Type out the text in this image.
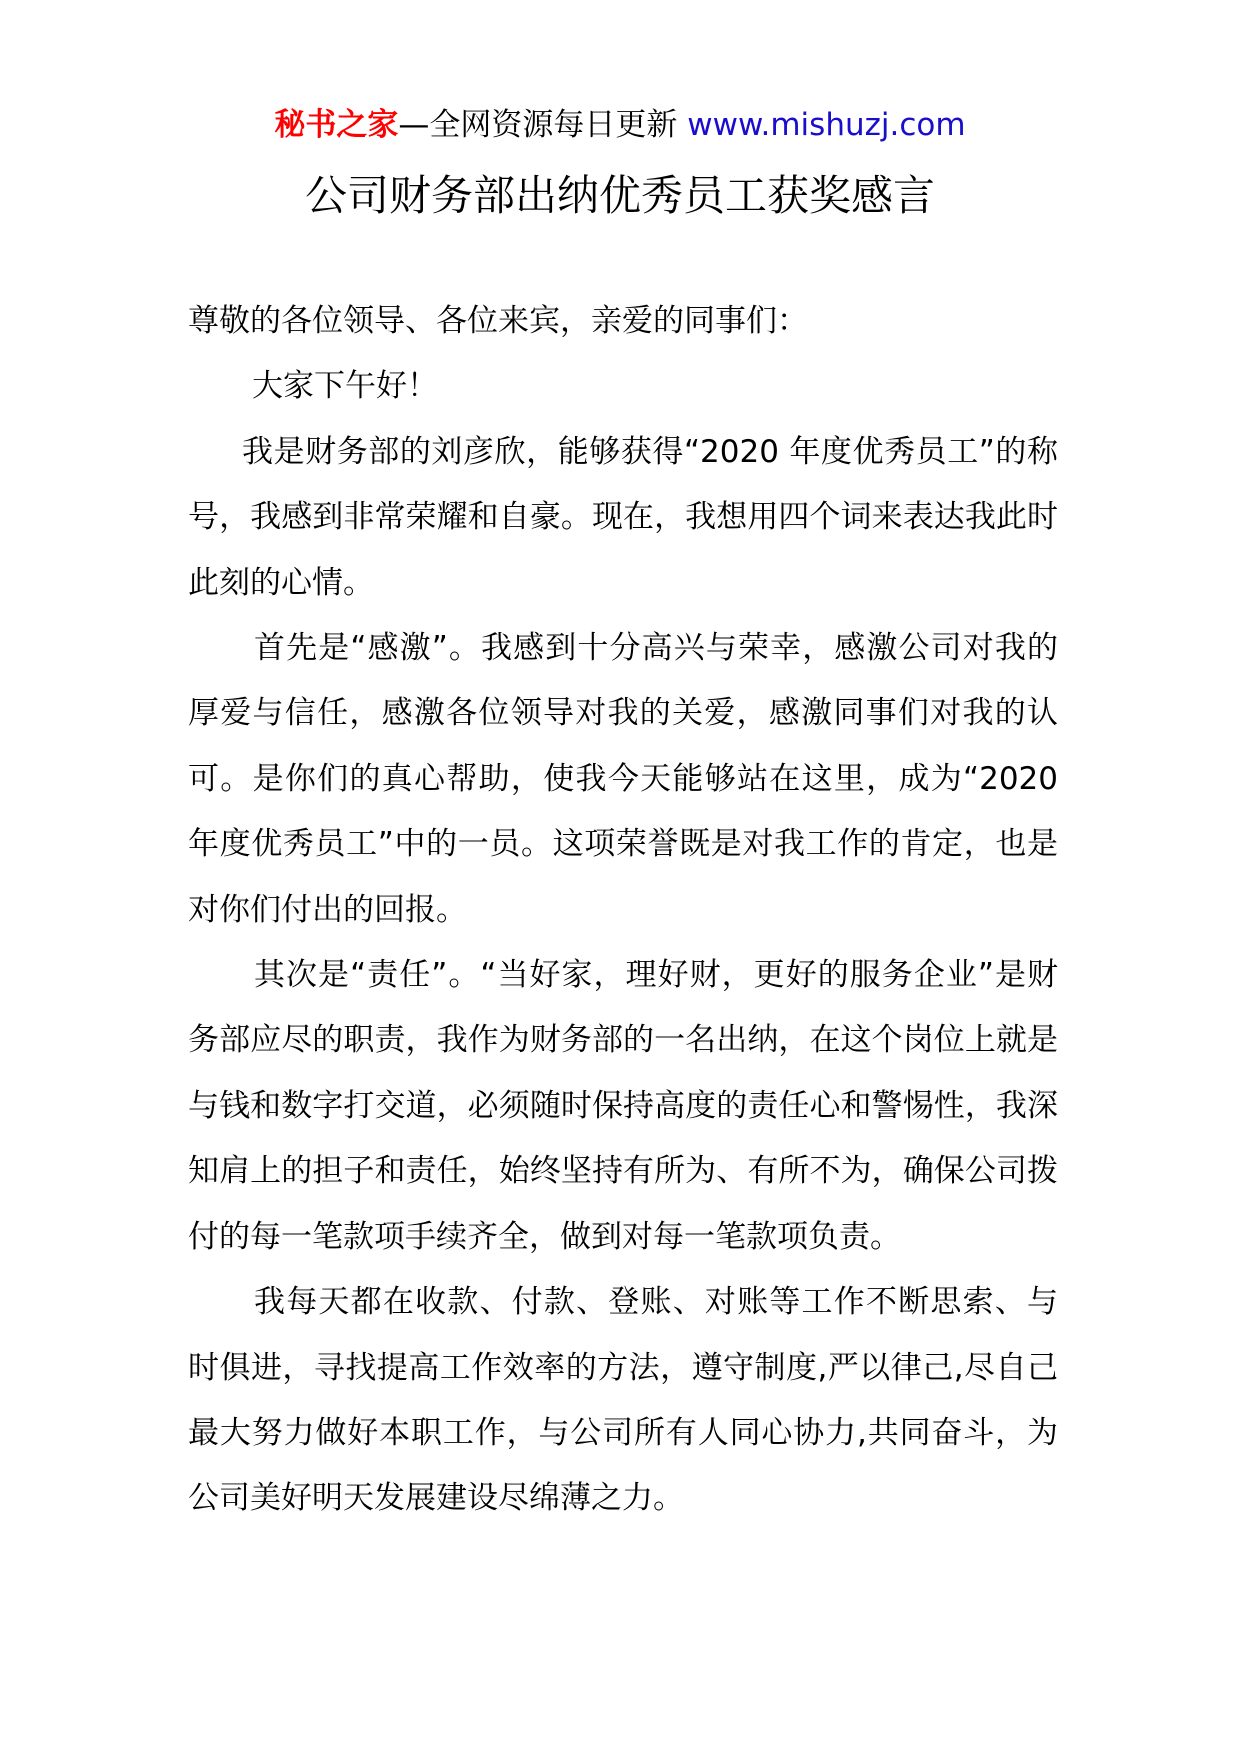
秘书之家—全网资源每日更新 www.mishuzj.com
公司财务部出纳优秀员工获奖感言

尊敬的各位领导、各位来宾，亲爱的同事们：

大家下午好！

我是财务部的刘彦欣，能够获得“2020 年度优秀员工”的称号，我感到非常荣耀和自豪。现在，我想用四个词来表达我此时此刻的心情。

首先是“感激”。我感到十分高兴与荣幸，感激公司对我的厚爱与信任，感激各位领导对我的关爱，感激同事们对我的认可。是你们的真心帮助，使我今天能够站在这里，成为“2020 年度优秀员工”中的一员。这项荣誉既是对我工作的肯定，也是对你们付出的回报。

其次是“责任”。“当好家，理好财，更好的服务企业”是财务部应尽的职责，我作为财务部的一名出纳，在这个岗位上就是与钱和数字打交道，必须随时保持高度的责任心和警惕性，我深知肩上的担子和责任，始终坚持有所为、有所不为，确保公司拨付的每一笔款项手续齐全，做到对每一笔款项负责。

我每天都在收款、付款、登账、对账等工作不断思索、与时俱进，寻找提高工作效率的方法，遵守制度,严以律己,尽自己最大努力做好本职工作，与公司所有人同心协力,共同奋斗，为公司美好明天发展建设尽绵薄之力。
